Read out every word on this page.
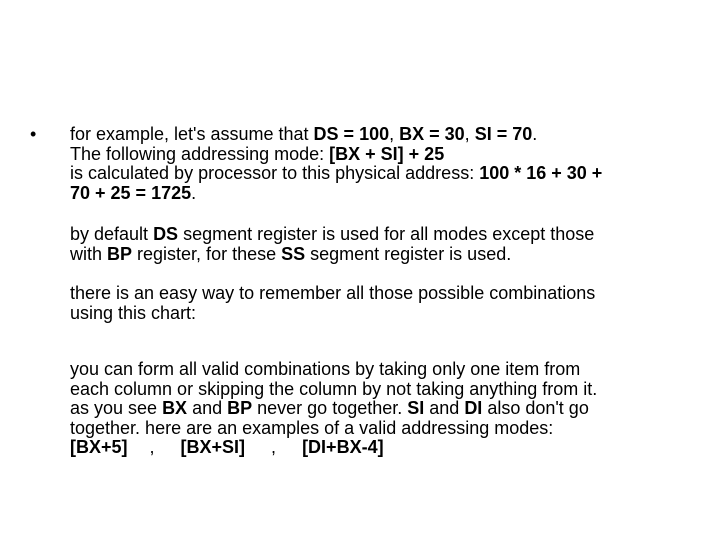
• for example, let's assume that DS = 100, BX = 30, SI = 70.
The following addressing mode: [BX + SI] + 25
is calculated by processor to this physical address: 100 * 16 + 30 +
70 + 25 = 1725.
by default DS segment register is used for all modes except those
with BP register, for these SS segment register is used.
there is an easy way to remember all those possible combinations
using this chart:
you can form all valid combinations by taking only one item from
each column or skipping the column by not taking anything from it.
as you see BX and BP never go together. SI and DI also don't go
together. here are an examples of a valid addressing modes:
[BX+5] , [BX+SI] , [DI+BX-4]
